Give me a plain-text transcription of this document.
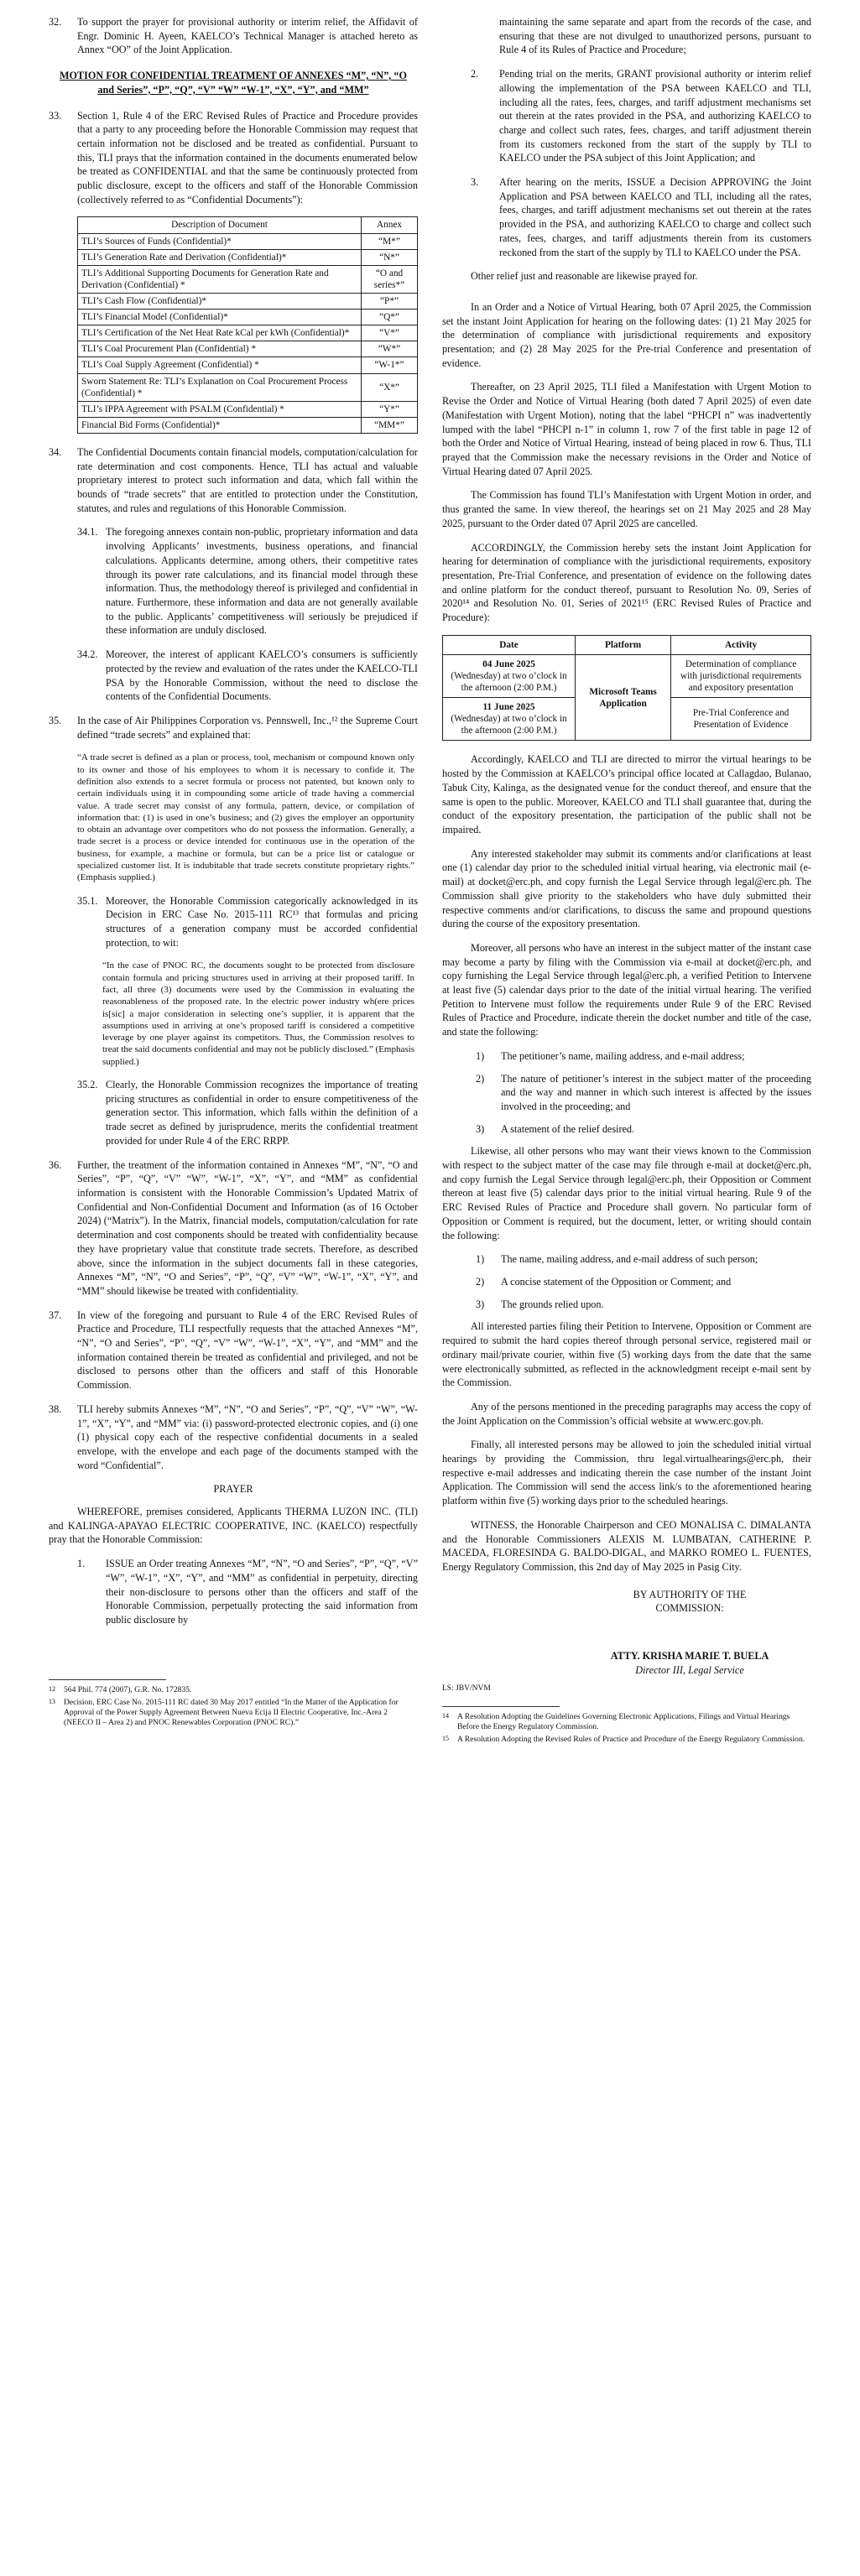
32.	To support the prayer for provisional authority or interim relief, the Affidavit of Engr. Dominic H. Ayeen, KAELCO’s Technical Manager is attached hereto as Annex “OO” of the Joint Application.

MOTION FOR CONFIDENTIAL TREATMENT OF ANNEXES “M”, “N”, “O and Series”, “P”, “Q”, “V” “W” “W-1”, “X”, “Y”, and “MM”

33.	Section 1, Rule 4 of the ERC Revised Rules of Practice and Procedure provides that a party to any proceeding before the Honorable Commission may request that certain information not be disclosed and be treated as confidential. Pursuant to this, TLI prays that the information contained in the documents enumerated below be treated as CONFIDENTIAL and that the same be continuously protected from public disclosure, except to the officers and staff of the Honorable Commission (collectively referred to as “Confidential Documents”):
Description of Document	Annex
TLI’s Sources of Funds (Confidential)*	“M*”
TLI’s Generation Rate and Derivation (Confidential)*	“N*”
TLI’s Additional Supporting Documents for Generation Rate and Derivation (Confidential) *	“O and series*”
TLI’s Cash Flow (Confidential)*	“P*”
TLI’s Financial Model (Confidential)*	“Q*”
TLI’s Certification of the Net Heat Rate kCal per kWh (Confidential)*	“V*”
TLI’s Coal Procurement Plan (Confidential) *	“W*”
TLI’s Coal Supply Agreement (Confidential) *	“W-1*”
Sworn Statement Re: TLI’s Explanation on Coal Procurement Process (Confidential) *	“X*”
TLI’s IPPA Agreement with PSALM (Confidential) *	“Y*”
Financial Bid Forms (Confidential)*	“MM*”
34.	The Confidential Documents contain financial models, computation/calculation for rate determination and cost components. Hence, TLI has actual and valuable proprietary interest to protect such information and data, which fall within the bounds of “trade secrets” that are entitled to protection under the Constitution, statutes, and rules and regulations of this Honorable Commission.
34.1. The foregoing annexes contain non-public, proprietary information and data involving Applicants’ investments, business operations, and financial calculations. Applicants determine, among others, their competitive rates through its power rate calculations, and its financial model through these information. Thus, the methodology thereof is privileged and confidential in nature. Furthermore, these information and data are not generally available to the public. Applicants’ competitiveness will seriously be prejudiced if these information are unduly disclosed.
34.2. Moreover, the interest of applicant KAELCO’s consumers is sufficiently protected by the review and evaluation of the rates under the KAELCO-TLI PSA by the Honorable Commission, without the need to disclose the contents of the Confidential Documents.
35.	In the case of Air Philippines Corporation vs. Pennswell, Inc.,¹² the Supreme Court defined “trade secrets” and explained that:

“A trade secret is defined as a plan or process, tool, mechanism or compound known only to its owner and those of his employees to whom it is necessary to confide it. The definition also extends to a secret formula or process not patented, but known only to certain individuals using it in compounding some article of trade having a commercial value. A trade secret may consist of any formula, pattern, device, or compilation of information that: (1) is used in one’s business; and (2) gives the employer an opportunity to obtain an advantage over competitors who do not possess the information. Generally, a trade secret is a process or device intended for continuous use in the operation of the business, for example, a machine or formula, but can be a price list or catalogue or specialized customer list. It is indubitable that trade secrets constitute proprietary rights.” (Emphasis supplied.)

35.1. Moreover, the Honorable Commission categorically acknowledged in its Decision in ERC Case No. 2015-111 RC¹³ that formulas and pricing structures of a generation company must be accorded confidential protection, to wit:

“In the case of PNOC RC, the documents sought to be protected from disclosure contain formula and pricing structures used in arriving at their proposed tariff. In fact, all three (3) documents were used by the Commission in evaluating the reasonableness of the proposed rate. In the electric power industry wh(ere prices is[sic] a major consideration in selecting one’s supplier, it is apparent that the assumptions used in arriving at one’s proposed tariff is considered a competitive leverage by one player against its competitors. Thus, the Commission resolves to treat the said documents confidential and may not be publicly disclosed.” (Emphasis supplied.)

35.2. Clearly, the Honorable Commission recognizes the importance of treating pricing structures as confidential in order to ensure competitiveness of the generation sector. This information, which falls within the definition of a trade secret as defined by jurisprudence, merits the confidential treatment provided for under Rule 4 of the ERC RRPP.
36.	Further, the treatment of the information contained in Annexes “M”, “N”, “O and Series”, “P”, “Q”, “V” “W”, “W-1”, “X”, “Y”, and “MM” as confidential information is consistent with the Honorable Commission’s Updated Matrix of Confidential and Non-Confidential Document and Information (as of 16 October 2024) (“Matrix”). In the Matrix, financial models, computation/calculation for rate determination and cost components should be treated with confidentiality because they have proprietary value that constitute trade secrets. Therefore, as described above, since the information in the subject documents fall in these categories, Annexes “M”, “N”, “O and Series”, “P”, “Q”, “V” “W”, “W-1”, “X”, “Y”, and “MM” should likewise be treated with confidentiality.
37.	In view of the foregoing and pursuant to Rule 4 of the ERC Revised Rules of Practice and Procedure, TLI respectfully requests that the attached Annexes “M”, “N”, “O and Series”, “P”, “Q”, “V” “W”, “W-1”, “X”, “Y”, and “MM” and the information contained therein be treated as confidential and privileged, and not be disclosed to persons other than the officers and staff of this Honorable Commission.
38.	TLI hereby submits Annexes “M”, “N”, “O and Series”, “P”, “Q”, “V” “W”, “W-1”, “X”, “Y”, and “MM” via: (i) password-protected electronic copies, and (i) one (1) physical copy each of the respective confidential documents in a sealed envelope, with the envelope and each page of the documents stamped with the word “Confidential”.

PRAYER

WHEREFORE, premises considered, Applicants THERMA LUZON INC. (TLI) and KALINGA-APAYAO ELECTRIC COOPERATIVE, INC. (KAELCO) respectfully pray that the Honorable Commission:

1.	ISSUE an Order treating Annexes “M”, “N”, “O and Series”, “P”, “Q”, “V” “W”, “W-1”, “X”, “Y”, and “MM” as confidential in perpetuity, directing their non-disclosure to persons other than the officers and staff of the Honorable Commission, perpetually protecting the said information from public disclosure by
12	564 Phil. 774 (2007), G.R. No. 172835.
13	Decision, ERC Case No. 2015-111 RC dated 30 May 2017 entitled “In the Matter of the Application for Approval of the Power Supply Agreement Between Nueva Ecija II Electric Cooperative, Inc.-Area 2 (NEECO II – Area 2) and PNOC Renewables Corporation (PNOC RC).”

maintaining the same separate and apart from the records of the case, and ensuring that these are not divulged to unauthorized persons, pursuant to Rule 4 of its Rules of Practice and Procedure;

2.	Pending trial on the merits, GRANT provisional authority or interim relief allowing the implementation of the PSA between KAELCO and TLI, including all the rates, fees, charges, and tariff adjustment mechanisms set out therein at the rates provided in the PSA, and authorizing KAELCO to charge and collect such rates, fees, charges, and tariff adjustment therein from its customers reckoned from the start of the supply by TLI to KAELCO under the PSA subject of this Joint Application; and
3.	After hearing on the merits, ISSUE a Decision APPROVING the Joint Application and PSA between KAELCO and TLI, including all the rates, fees, charges, and tariff adjustment mechanisms set out therein at the rates provided in the PSA, and authorizing KAELCO to charge and collect such rates, fees, charges, and tariff adjustments therein from its customers reckoned from the start of the supply by TLI to KAELCO under the PSA.

Other relief just and reasonable are likewise prayed for.

In an Order and a Notice of Virtual Hearing, both 07 April 2025, the Commission set the instant Joint Application for hearing on the following dates: (1) 21 May 2025 for the determination of compliance with jurisdictional requirements and expository presentation; and (2) 28 May 2025 for the Pre-trial Conference and presentation of evidence.

Thereafter, on 23 April 2025, TLI filed a Manifestation with Urgent Motion to Revise the Order and Notice of Virtual Hearing (both dated 7 April 2025) of even date (Manifestation with Urgent Motion), noting that the label “PHCPI n” was inadvertently lumped with the label “PHCPI n-1” in column 1, row 7 of the first table in page 12 of both the Order and Notice of Virtual Hearing, instead of being placed in row 6. Thus, TLI prayed that the Commission make the necessary revisions in the Order and Notice of Virtual Hearing dated 07 April 2025.

The Commission has found TLI’s Manifestation with Urgent Motion in order, and thus granted the same. In view thereof, the hearings set on 21 May 2025 and 28 May 2025, pursuant to the Order dated 07 April 2025 are cancelled.

ACCORDINGLY, the Commission hereby sets the instant Joint Application for hearing for determination of compliance with the jurisdictional requirements, expository presentation, Pre-Trial Conference, and presentation of evidence on the following dates and online platform for the conduct thereof, pursuant to Resolution No. 09, Series of 2020¹⁴ and Resolution No. 01, Series of 2021¹⁵ (ERC Revised Rules of Practice and Procedure):

Date	Platform	Activity
04 June 2025
(Wednesday) at two o’clock in the afternoon (2:00 P.M.)	Microsoft Teams Application	Determination of compliance with jurisdictional requirements and expository presentation
11 June 2025
(Wednesday) at two o’clock in the afternoon (2:00 P.M.)		Pre-Trial Conference and Presentation of Evidence

Accordingly, KAELCO and TLI are directed to mirror the virtual hearings to be hosted by the Commission at KAELCO’s principal office located at Callagdao, Bulanao, Tabuk City, Kalinga, as the designated venue for the conduct thereof, and ensure that the same is open to the public. Moreover, KAELCO and TLI shall guarantee that, during the conduct of the expository presentation, the participation of the public shall not be impaired.

Any interested stakeholder may submit its comments and/or clarifications at least one (1) calendar day prior to the scheduled initial virtual hearing, via electronic mail (e-mail) at docket@erc.ph, and copy furnish the Legal Service through legal@erc.ph. The Commission shall give priority to the stakeholders who have duly submitted their respective comments and/or clarifications, to discuss the same and propound questions during the course of the expository presentation.

Moreover, all persons who have an interest in the subject matter of the instant case may become a party by filing with the Commission via e-mail at docket@erc.ph, and copy furnishing the Legal Service through legal@erc.ph, a verified Petition to Intervene at least five (5) calendar days prior to the date of the initial virtual hearing. The verified Petition to Intervene must follow the requirements under Rule 9 of the ERC Revised Rules of Practice and Procedure, indicate therein the docket number and title of the case, and state the following:

1)	The petitioner’s name, mailing address, and e-mail address;
2)	The nature of petitioner’s interest in the subject matter of the proceeding and the way and manner in which such interest is affected by the issues involved in the proceeding; and
3)	A statement of the relief desired.

Likewise, all other persons who may want their views known to the Commission with respect to the subject matter of the case may file through e-mail at docket@erc.ph, and copy furnish the Legal Service through legal@erc.ph, their Opposition or Comment thereon at least five (5) calendar days prior to the initial virtual hearing. Rule 9 of the ERC Revised Rules of Practice and Procedure shall govern. No particular form of Opposition or Comment is required, but the document, letter, or writing should contain the following:

1)	The name, mailing address, and e-mail address of such person;
2)	A concise statement of the Opposition or Comment; and
3)	The grounds relied upon.

All interested parties filing their Petition to Intervene, Opposition or Comment are required to submit the hard copies thereof through personal service, registered mail or ordinary mail/private courier, within five (5) working days from the date that the same were electronically submitted, as reflected in the acknowledgment receipt e-mail sent by the Commission.

Any of the persons mentioned in the preceding paragraphs may access the copy of the Joint Application on the Commission’s official website at www.erc.gov.ph.

Finally, all interested persons may be allowed to join the scheduled initial virtual hearings by providing the Commission, thru legal.virtualhearings@erc.ph, their respective e-mail addresses and indicating therein the case number of the instant Joint Application. The Commission will send the access link/s to the aforementioned hearing platform within five (5) working days prior to the scheduled hearings.

WITNESS, the Honorable Chairperson and CEO MONALISA C. DIMALANTA and the Honorable Commissioners ALEXIS M. LUMBATAN, CATHERINE P. MACEDA, FLORESINDA G. BALDO-DIGAL, and MARKO ROMEO L. FUENTES, Energy Regulatory Commission, this 2nd day of May 2025 in Pasig City.

BY AUTHORITY OF THE COMMISSION:
ATTY. KRISHA MARIE T. BUELA
Director III, Legal Service
LS: JBV/NVM
14	A Resolution Adopting the Guidelines Governing Electronic Applications, Filings and Virtual Hearings Before the Energy Regulatory Commission.
15	A Resolution Adopting the Revised Rules of Practice and Procedure of the Energy Regulatory Commission.
